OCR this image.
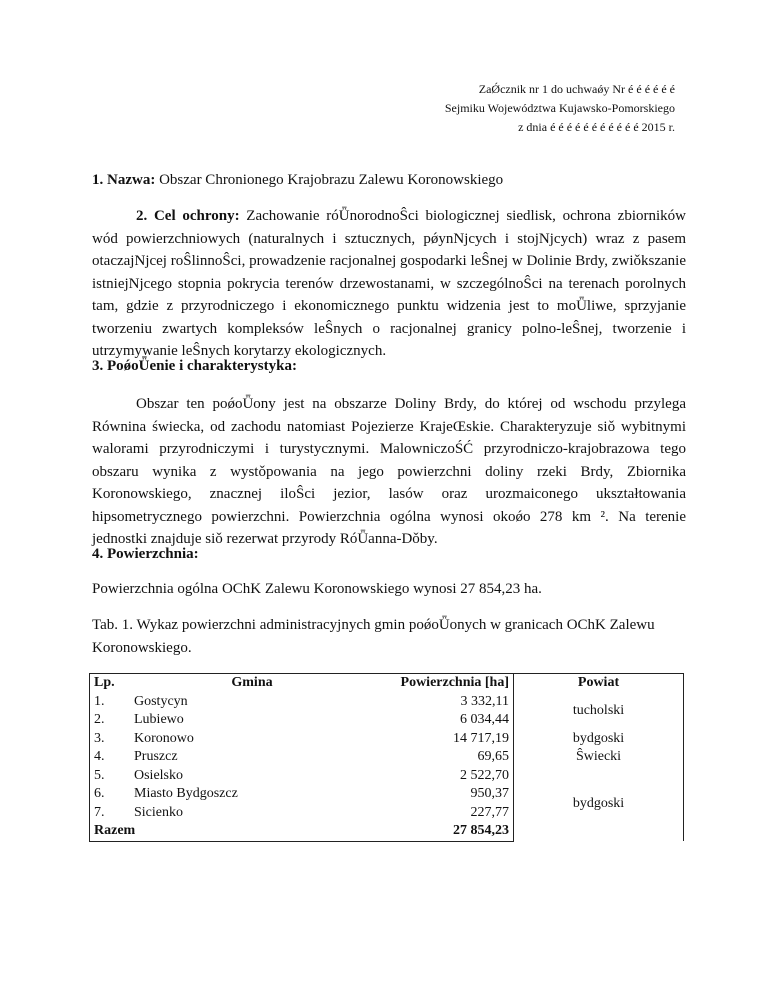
ZaǾcznik nr 1 do uchwaǿy Nr é é é é é é
Sejmiku Województwa Kujawsko-Pomorskiego
z dnia é é é é é é é é é é é 2015 r.

1. Nazwa: Obszar Chronionego Krajobrazu Zalewu Koronowskiego

2. Cel ochrony: Zachowanie róǕnorodnoŜci biologicznej siedlisk, ochrona zbiorników wód powierzchniowych (naturalnych i sztucznych, pǿynǋcych i stojǋcych) wraz z pasem otaczajǋcej roŜlinnoŜci, prowadzenie racjonalnej gospodarki leŜnej w Dolinie Brdy, zwiǒkszanie istniejǋcego stopnia pokrycia terenów drzewostanami, w szczególnoŜci na terenach porolnych tam, gdzie z przyrodniczego i ekonomicznego punktu widzenia jest to moǕliwe, sprzyjanie tworzeniu zwartych kompleksów leŜnych o racjonalnej granicy polno-leŜnej, tworzenie i utrzymywanie leŜnych korytarzy ekologicznych.

3. PoǿoǕenie i charakterystyka:

Obszar ten poǿoǕony jest na obszarze Doliny Brdy, do której od wschodu przylega Równina świecka, od zachodu natomiast Pojezierze KrajeŒskie. Charakteryzuje siǒ wybitnymi walorami przyrodniczymi i turystycznymi. MalowniczoŚĆ przyrodniczo-krajobrazowa tego obszaru wynika z wystǒpowania na jego powierzchni doliny rzeki Brdy, Zbiornika Koronowskiego, znacznej iloŜci jezior, lasów oraz urozmaiconego ukształtowania hipsometrycznego powierzchni. Powierzchnia ogólna wynosi okoǿo 278 km ². Na terenie jednostki znajduje siǒ rezerwat przyrody RóǕanna-Dǒby.

4. Powierzchnia:

Powierzchnia ogólna OChK Zalewu Koronowskiego wynosi 27 854,23 ha.

Tab. 1. Wykaz powierzchni administracyjnych gmin poǿoǕonych w granicach OChK Zalewu Koronowskiego.

Lp.	Gmina	Powierzchnia [ha]	Powiat
1.	Gostycyn	3 332,11	tucholski
2.	Lubiewo	6 034,44	
3.	Koronowo	14 717,19	bydgoski
4.	Pruszcz	69,65	Ŝwiecki
5.	Osielsko	2 522,70	bydgoski
6.	Miasto Bydgoszcz	950,37	
7.	Sicienko	227,77	
Razem		27 854,23	
